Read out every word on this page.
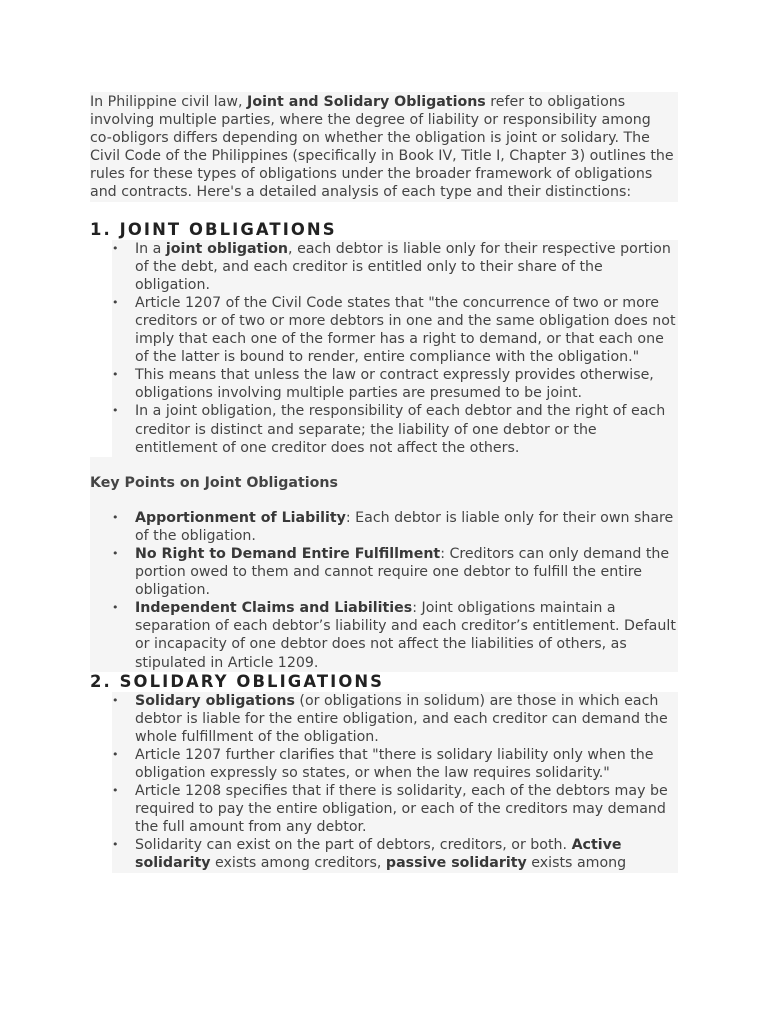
In Philippine civil law, Joint and Solidary Obligations refer to obligations involving multiple parties, where the degree of liability or responsibility among co-obligors differs depending on whether the obligation is joint or solidary. The Civil Code of the Philippines (specifically in Book IV, Title I, Chapter 3) outlines the rules for these types of obligations under the broader framework of obligations and contracts. Here's a detailed analysis of each type and their distinctions:

1. JOINT OBLIGATIONS
• In a joint obligation, each debtor is liable only for their respective portion of the debt, and each creditor is entitled only to their share of the obligation.
• Article 1207 of the Civil Code states that "the concurrence of two or more creditors or of two or more debtors in one and the same obligation does not imply that each one of the former has a right to demand, or that each one of the latter is bound to render, entire compliance with the obligation."
• This means that unless the law or contract expressly provides otherwise, obligations involving multiple parties are presumed to be joint.
• In a joint obligation, the responsibility of each debtor and the right of each creditor is distinct and separate; the liability of one debtor or the entitlement of one creditor does not affect the others.

Key Points on Joint Obligations

• Apportionment of Liability: Each debtor is liable only for their own share of the obligation.
• No Right to Demand Entire Fulfillment: Creditors can only demand the portion owed to them and cannot require one debtor to fulfill the entire obligation.
• Independent Claims and Liabilities: Joint obligations maintain a separation of each debtor’s liability and each creditor’s entitlement. Default or incapacity of one debtor does not affect the liabilities of others, as stipulated in Article 1209.
2. SOLIDARY OBLIGATIONS
• Solidary obligations (or obligations in solidum) are those in which each debtor is liable for the entire obligation, and each creditor can demand the whole fulfillment of the obligation.
• Article 1207 further clarifies that "there is solidary liability only when the obligation expressly so states, or when the law requires solidarity."
• Article 1208 specifies that if there is solidarity, each of the debtors may be required to pay the entire obligation, or each of the creditors may demand the full amount from any debtor.
• Solidarity can exist on the part of debtors, creditors, or both. Active solidarity exists among creditors, passive solidarity exists among
